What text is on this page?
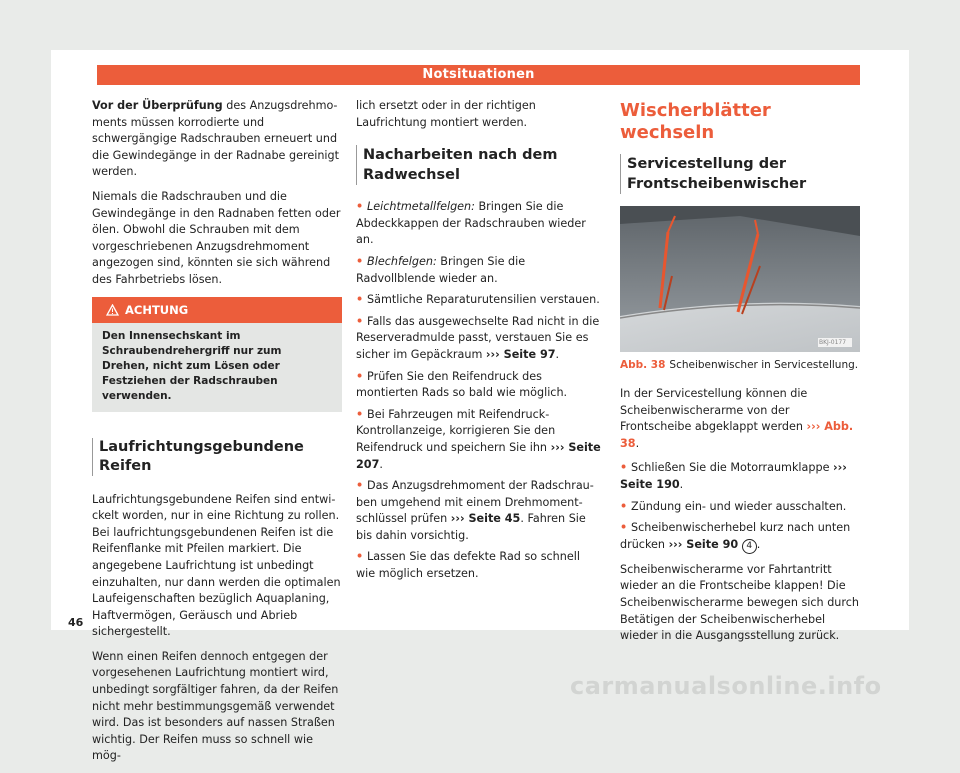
Notsituationen

Vor der Überprüfung des Anzugsdrehmoments müssen korrodierte und schwergängige Radschrauben erneuert und die Gewindegänge in der Radnabe gereinigt werden.

Niemals die Radschrauben und die Gewindegänge in den Radnaben fetten oder ölen. Obwohl die Schrauben mit dem vorgeschriebenen Anzugsdrehmoment angezogen sind, könnten sie sich während des Fahrbetriebs lösen.

ACHTUNG
Den Innensechskant im Schraubendrehergriff nur zum Drehen, nicht zum Lösen oder Festziehen der Radschrauben verwenden.
Laufrichtungsgebundene Reifen

Laufrichtungsgebundene Reifen sind entwickelt worden, nur in eine Richtung zu rollen. Bei laufrichtungsgebundenen Reifen ist die Reifenflanke mit Pfeilen markiert. Die angegebene Laufrichtung ist unbedingt einzuhalten, nur dann werden die optimalen Laufeigenschaften bezüglich Aquaplaning, Haftvermögen, Geräusch und Abrieb sichergestellt.

Wenn einen Reifen dennoch entgegen der vorgesehenen Laufrichtung montiert wird, unbedingt sorgfältiger fahren, da der Reifen nicht mehr bestimmungsgemäß verwendet wird. Das ist besonders auf nassen Straßen wichtig. Der Reifen muss so schnell wie mög-

lich ersetzt oder in der richtigen Laufrichtung montiert werden.

Nacharbeiten nach dem Radwechsel

• Leichtmetallfelgen: Bringen Sie die Abdeckkappen der Radschrauben wieder an.

• Blechfelgen: Bringen Sie die Radvollblende wieder an.

• Sämtliche Reparaturutensilien verstauen.

• Falls das ausgewechselte Rad nicht in die Reserveradmulde passt, verstauen Sie es sicher im Gepäckraum ››› Seite 97.

• Prüfen Sie den Reifendruck des montierten Rads so bald wie möglich.

• Bei Fahrzeugen mit Reifendruck-Kontrollanzeige, korrigieren Sie den Reifendruck und speichern Sie ihn ››› Seite 207.

• Das Anzugsdrehmoment der Radschrauben umgehend mit einem Drehmomentschlüssel prüfen ››› Seite 45. Fahren Sie bis dahin vorsichtig.

• Lassen Sie das defekte Rad so schnell wie möglich ersetzen.

Wischerblätter wechseln
Servicestellung der Frontscheibenwischer
BKJ-0177
Abb. 38 Scheibenwischer in Servicestellung.

In der Servicestellung können die Scheibenwischerarme von der Frontscheibe abgeklappt werden ››› Abb. 38.

• Schließen Sie die Motorraumklappe ››› Seite 190.

• Zündung ein- und wieder ausschalten.

• Scheibenwischerhebel kurz nach unten drücken ››› Seite 90 4 .

Scheibenwischerarme vor Fahrtantritt wieder an die Frontscheibe klappen! Die Scheibenwischerarme bewegen sich durch Betätigen der Scheibenwischerhebel wieder in die Ausgangsstellung zurück.

46
carmanualsonline.info
